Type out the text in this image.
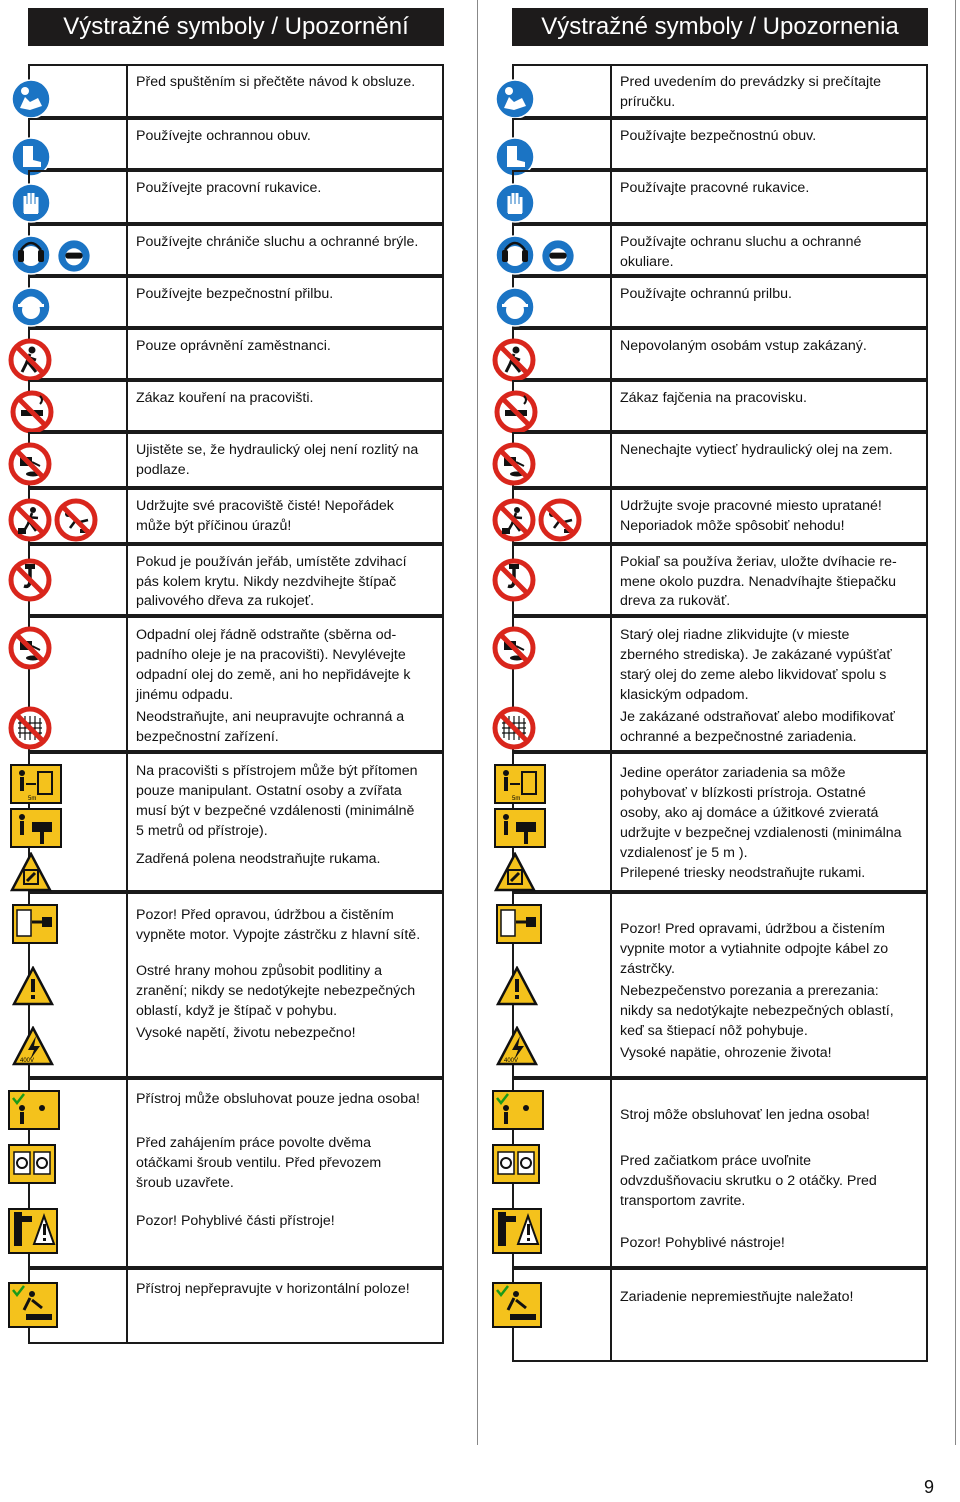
Výstražné symboly / Upozornění	Výstražné symboly / Upozornenia
Před spuštěním si přečtěte návod k obsluze.
Používejte ochrannou obuv.
Používejte pracovní rukavice.
Používejte chrániče sluchu a ochranné brýle.
Používejte bezpečnostní přilbu.
Pouze oprávnění zaměstnanci.
Zákaz kouření na pracovišti.
Ujistěte se, že hydraulický olej není rozlitý na
podlaze.
Udržujte své pracoviště čisté! Nepořádek
může být příčinou úrazů!
Pokud je používán jeřáb, umístěte zdvihací
pás kolem krytu. Nikdy nezdvihejte štípač
palivového dřeva za rukojeť.
Odpadní olej řádně odstraňte (sběrna od-
padního oleje je na pracovišti). Nevylévejte
odpadní olej do země, ani ho nepřidávejte k
jinému odpadu.
Neodstraňujte, ani neupravujte ochranná a
bezpečnostní zařízení.
Na pracovišti s přístrojem může být přítomen
pouze manipulant. Ostatní osoby a zvířata
musí být v bezpečné vzdálenosti (minimálně
5 metrů od přístroje).
Zadřená polena neodstraňujte rukama.
5m
Pozor! Před opravou, údržbou a čistěním
vypněte motor. Vypojte zástrčku z hlavní sítě.
Ostré hrany mohou způsobit podlitiny a
zranění; nikdy se nedotýkejte nebezpečných
oblastí, když je štípač v pohybu.
Vysoké napětí, životu nebezpečno!
400V
Přístroj může obsluhovat pouze jedna osoba!
Před zahájením práce povolte dvěma
otáčkami šroub ventilu. Před převozem
šroub uzavřete.
Pozor! Pohyblivé části přístroje!
Přístroj nepřepravujte v horizontální poloze!
Pred uvedením do prevádzky si prečítajte
príručku.
Používajte bezpečnostnú obuv.
Používajte pracovné rukavice.
Používajte ochranu sluchu a ochranné
okuliare.
Používajte ochrannú prilbu.
Nepovolaným osobám vstup zakázaný.
Zákaz fajčenia na pracovisku.
Nenechajte vytiecť hydraulický olej na zem.
Udržujte svoje pracovné miesto upratané!
Neporiadok môže spôsobiť nehodu!
Pokiaľ sa používa žeriav, uložte dvíhacie re-
mene okolo puzdra. Nenadvíhajte štiepačku
dreva za rukoväť.
Starý olej riadne zlikvidujte (v mieste
zberného strediska). Je zakázané vypúšťať
starý olej do zeme alebo likvidovať spolu s
klasickým odpadom.
Je zakázané odstraňovať alebo modifikovať
ochranné a bezpečnostné zariadenia.
Jedine operátor zariadenia sa môže
pohybovať v blízkosti prístroja. Ostatné
osoby, ako aj domáce a úžitkové zvieratá
udržujte v bezpečnej vzdialenosti (minimálna
vzdialenosť je 5 m ).
Prilepené triesky neodstraňujte rukami.
5m
Pozor! Pred opravami, údržbou a čistením
vypnite motor a vytiahnite odpojte kábel zo
zástrčky.
Nebezpečenstvo porezania a prerezania:
nikdy sa nedotýkajte nebezpečných oblastí,
keď sa štiepací nôž pohybuje.
Vysoké napätie, ohrozenie života!
400V
Stroj môže obsluhovať len jedna osoba!
Pred začiatkom práce uvoľnite
odvzdušňovaciu skrutku o 2 otáčky. Pred
transportom zavrite.
Pozor! Pohyblivé nástroje!
Zariadenie nepremiestňujte naležato!
9
